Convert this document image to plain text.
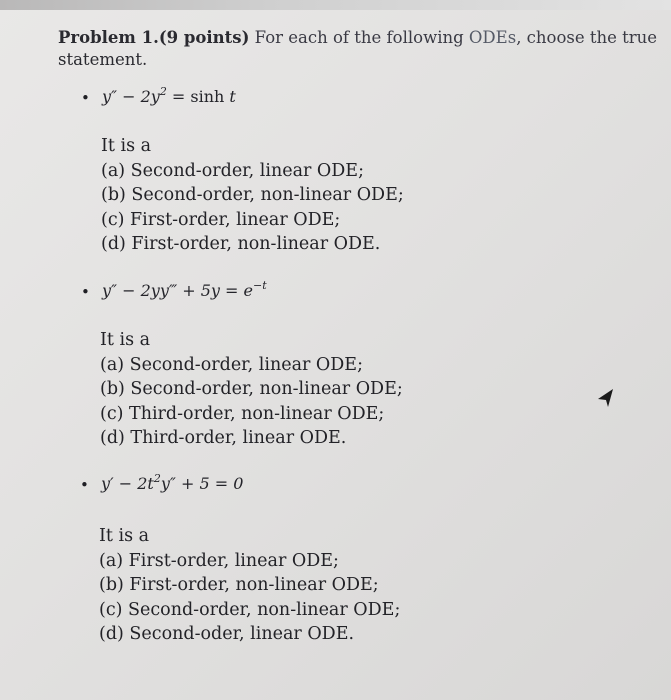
Problem 1.(9 points) For each of the following ODEs, choose the true
statement.
• $y'' - 2y^2 = \sinh t$
It is a
(a) Second-order, linear ODE;
(b) Second-order, non-linear ODE;
(c) First-order, linear ODE;
(d) First-order, non-linear ODE.
• y″ − 2yy‴ + $5y = e^{-t}$
It is a
(a) Second-order, linear ODE;
(b) Second-order, non-linear ODE;
(c) Third-order, non-linear ODE;
(d) Third-order, linear ODE.
• $y' - 2t^2y'' + 5 = 0$
It is a
(a) First-order, linear ODE;
(b) First-order, non-linear ODE;
(c) Second-order, non-linear ODE;
(d) Second-oder, linear ODE.
